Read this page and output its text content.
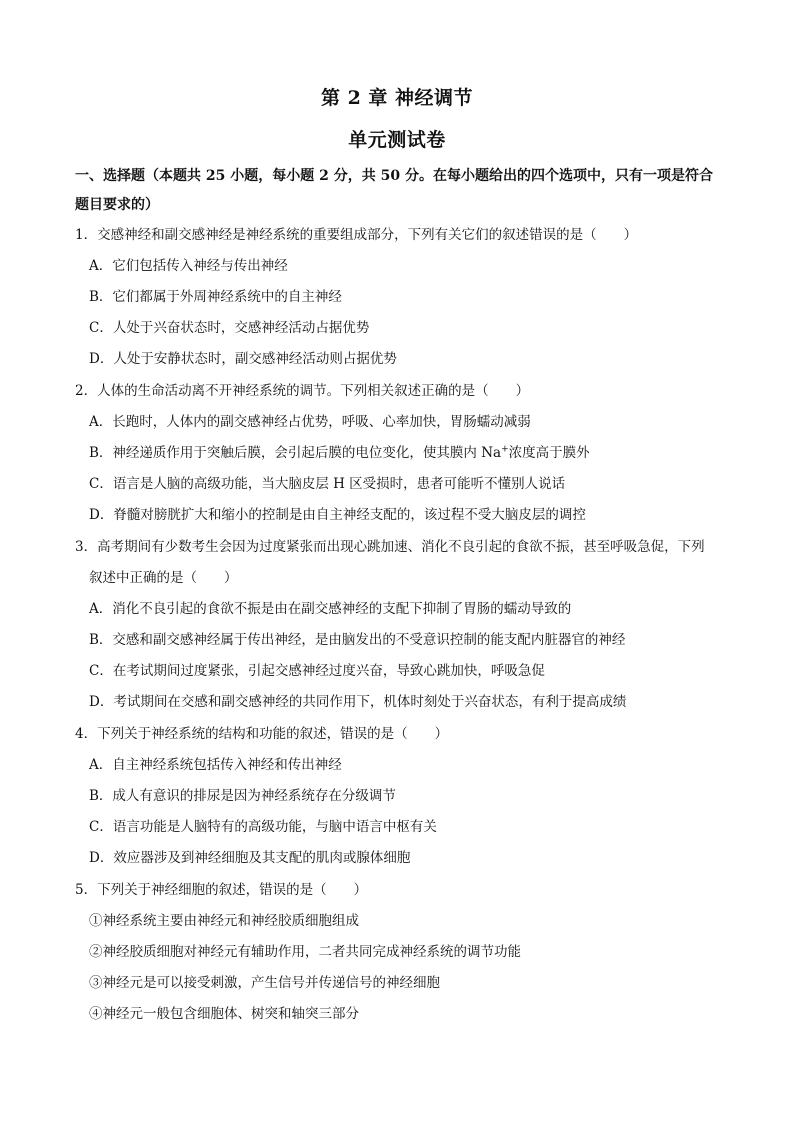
第 2 章 神经调节
单元测试卷
一、选择题（本题共 25 小题，每小题 2 分，共 50 分。在每小题给出的四个选项中，只有一项是符合题目要求的）
1．交感神经和副交感神经是神经系统的重要组成部分，下列有关它们的叙述错误的是（　　）
A．它们包括传入神经与传出神经
B．它们都属于外周神经系统中的自主神经
C．人处于兴奋状态时，交感神经活动占据优势
D．人处于安静状态时，副交感神经活动则占据优势
2．人体的生命活动离不开神经系统的调节。下列相关叙述正确的是（　　）
A．长跑时，人体内的副交感神经占优势，呼吸、心率加快，胃肠蠕动减弱
B．神经递质作用于突触后膜，会引起后膜的电位变化，使其膜内 Na+浓度高于膜外
C．语言是人脑的高级功能，当大脑皮层 H 区受损时，患者可能听不懂别人说话
D．脊髓对膀胱扩大和缩小的控制是由自主神经支配的，该过程不受大脑皮层的调控
3．高考期间有少数考生会因为过度紧张而出现心跳加速、消化不良引起的食欲不振，甚至呼吸急促，下列
叙述中正确的是（　　）
A．消化不良引起的食欲不振是由在副交感神经的支配下抑制了胃肠的蠕动导致的
B．交感和副交感神经属于传出神经，是由脑发出的不受意识控制的能支配内脏器官的神经
C．在考试期间过度紧张，引起交感神经过度兴奋，导致心跳加快，呼吸急促
D．考试期间在交感和副交感神经的共同作用下，机体时刻处于兴奋状态，有利于提高成绩
4．下列关于神经系统的结构和功能的叙述，错误的是（　　）
A．自主神经系统包括传入神经和传出神经
B．成人有意识的排尿是因为神经系统存在分级调节
C．语言功能是人脑特有的高级功能，与脑中语言中枢有关
D．效应器涉及到神经细胞及其支配的肌肉或腺体细胞
5．下列关于神经细胞的叙述，错误的是（　　）
①神经系统主要由神经元和神经胶质细胞组成
②神经胶质细胞对神经元有辅助作用，二者共同完成神经系统的调节功能
③神经元是可以接受刺激，产生信号并传递信号的神经细胞
④神经元一般包含细胞体、树突和轴突三部分
